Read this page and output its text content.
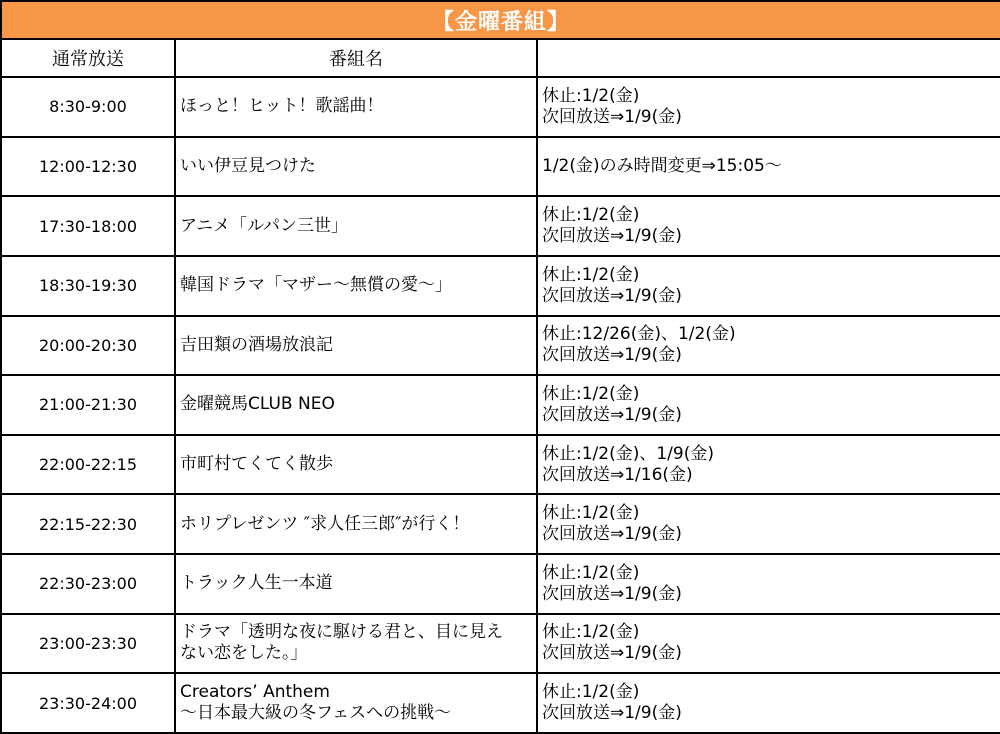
【金曜番組】		
通常放送	番組名	
8:30-9:00	ほっと！ヒット！歌謡曲！	休止:1/2(金)
次回放送⇒1/9(金)

12:00-12:30	いい伊豆見つけた	1/2(金)のみ時間変更⇒15:05～

17:30-18:00	アニメ「ルパン三世」	休止:1/2(金)
次回放送⇒1/9(金)

18:30-19:30	韓国ドラマ「マザー～無償の愛～」	休止:1/2(金)
次回放送⇒1/9(金)

20:00-20:30	吉田類の酒場放浪記	休止:12/26(金)、1/2(金)
次回放送⇒1/9(金)

21:00-21:30	金曜競馬CLUB NEO	休止:1/2(金)
次回放送⇒1/9(金)

22:00-22:15	市町村てくてく散歩	休止:1/2(金)、1/9(金)
次回放送⇒1/16(金)

22:15-22:30	ホリプレゼンツ ″求人任三郎″が行く！	休止:1/2(金)
次回放送⇒1/9(金)

22:30-23:00	トラック人生一本道	休止:1/2(金)
次回放送⇒1/9(金)

23:00-23:30	ドラマ「透明な夜に駆ける君と、目に見え
ない恋をした。」	休止:1/2(金)
次回放送⇒1/9(金)

23:30-24:00	Creators’ Anthem
～日本最大級の冬フェスへの挑戦～	休止:1/2(金)
次回放送⇒1/9(金)
